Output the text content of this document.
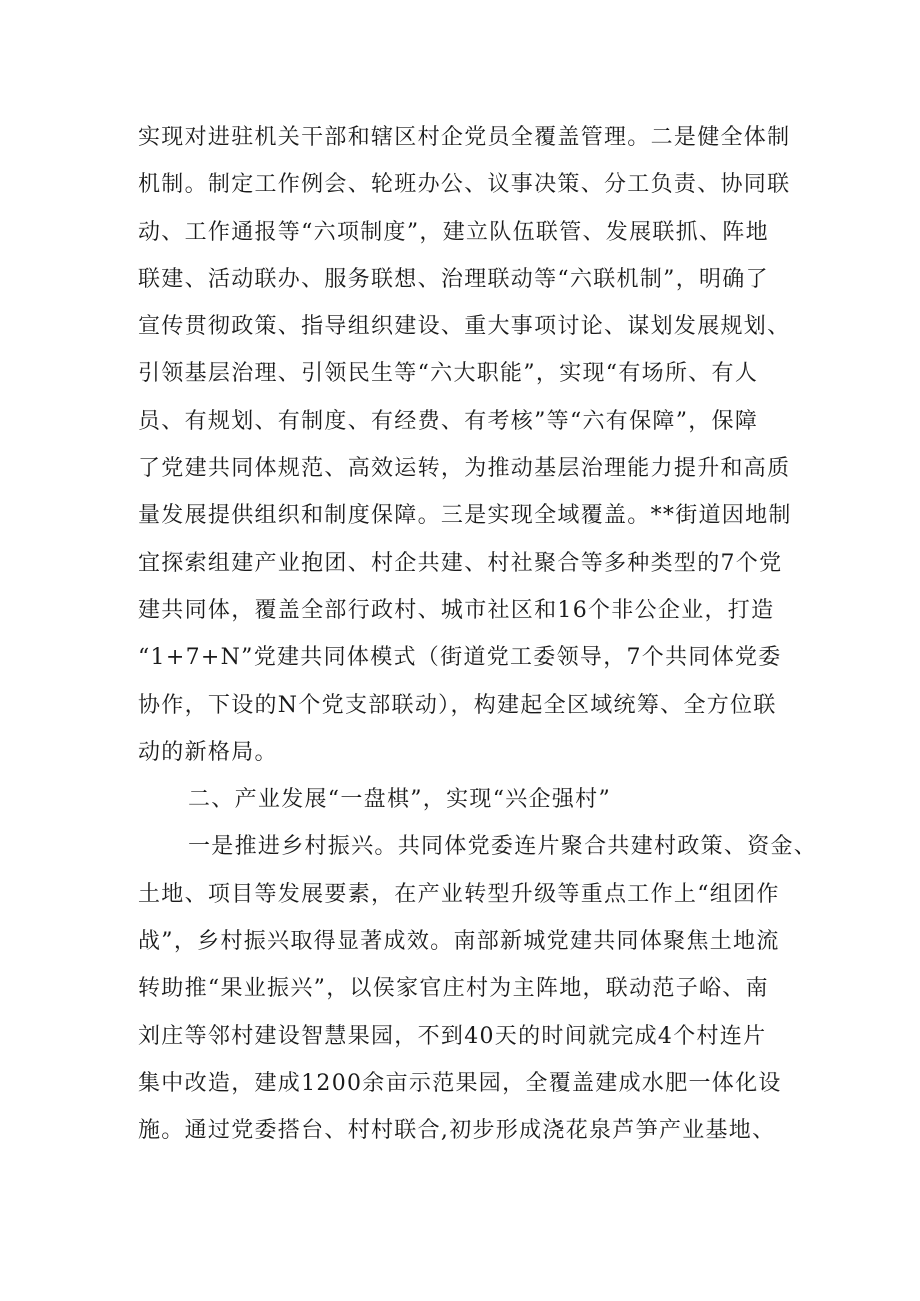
实现对进驻机关干部和辖区村企党员全覆盖管理。二是健全体制
机制。制定工作例会、轮班办公、议事决策、分工负责、协同联
动、工作通报等“六项制度”，建立队伍联管、发展联抓、阵地
联建、活动联办、服务联想、治理联动等“六联机制”，明确了
宣传贯彻政策、指导组织建设、重大事项讨论、谋划发展规划、
引领基层治理、引领民生等“六大职能”，实现“有场所、有人
员、有规划、有制度、有经费、有考核”等“六有保障”，保障
了党建共同体规范、高效运转，为推动基层治理能力提升和高质
量发展提供组织和制度保障。三是实现全域覆盖。**街道因地制
宜探索组建产业抱团、村企共建、村社聚合等多种类型的7个党
建共同体，覆盖全部行政村、城市社区和16个非公企业，打造
“1+7+N”党建共同体模式（街道党工委领导，7个共同体党委
协作，下设的N个党支部联动），构建起全区域统筹、全方位联
动的新格局。
二、产业发展“一盘棋”，实现“兴企强村”
一是推进乡村振兴。共同体党委连片聚合共建村政策、资金、
土地、项目等发展要素，在产业转型升级等重点工作上“组团作
战”，乡村振兴取得显著成效。南部新城党建共同体聚焦土地流
转助推“果业振兴”，以侯家官庄村为主阵地，联动范子峪、南
刘庄等邻村建设智慧果园，不到40天的时间就完成4个村连片
集中改造，建成1200余亩示范果园，全覆盖建成水肥一体化设
施。通过党委搭台、村村联合,初步形成浇花泉芦笋产业基地、
